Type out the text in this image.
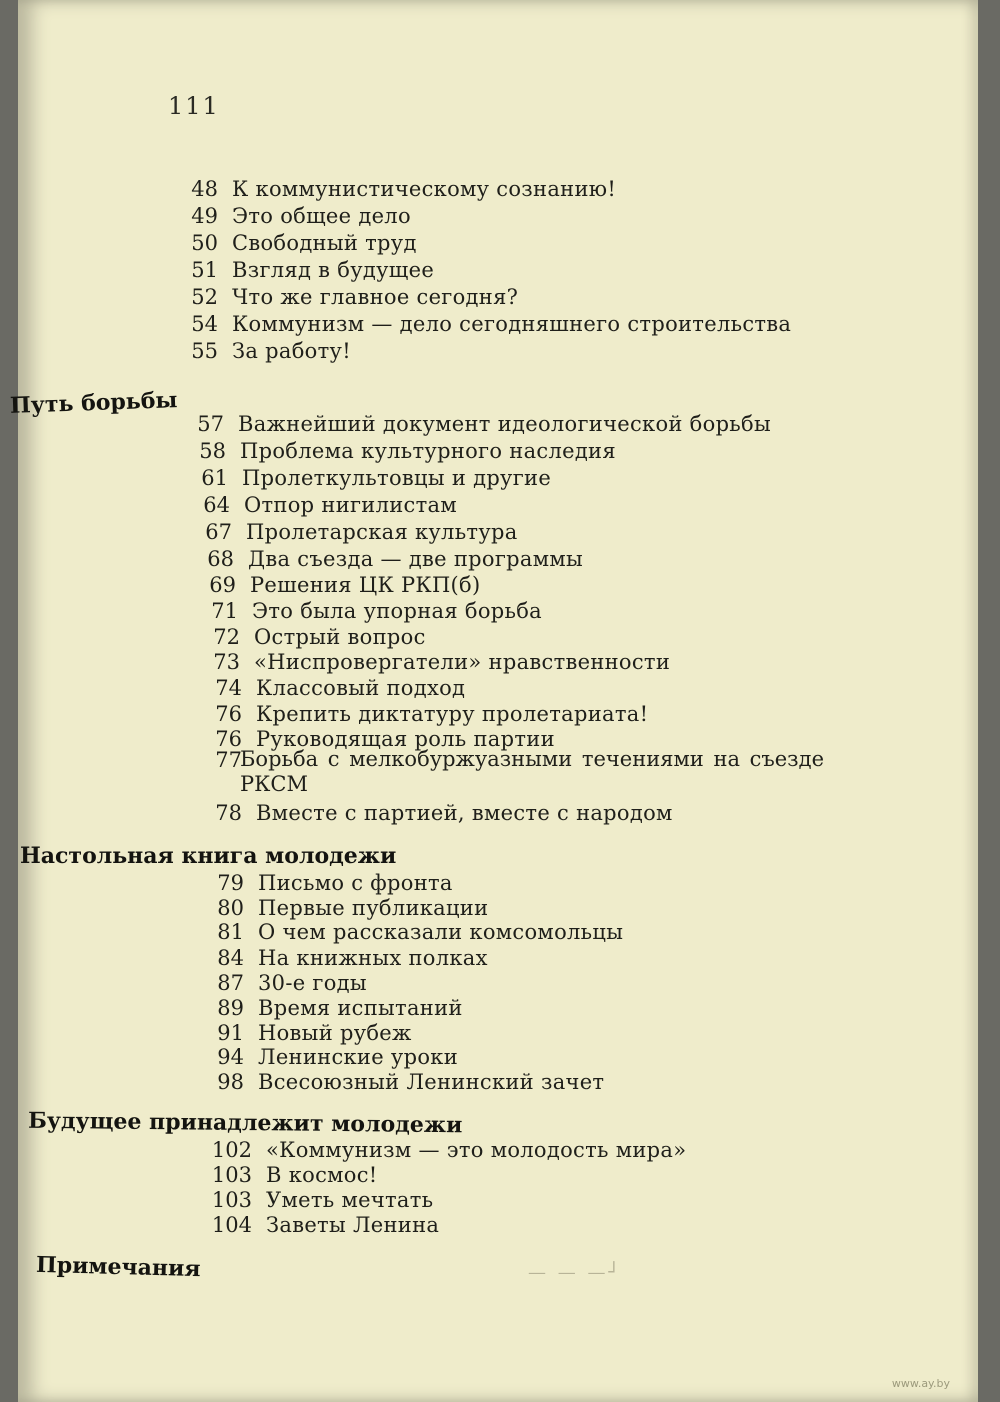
111
48 К коммунистическому сознанию!
49 Это общее дело
50 Свободный труд
51 Взгляд в будущее
52 Что же главное сегодня?
54 Коммунизм — дело сегодняшнего строительства
55 За работу!
Путь борьбы
57 Важнейший документ идеологической борьбы
58 Проблема культурного наследия
61 Пролеткультовцы и другие
64 Отпор нигилистам
67 Пролетарская культура
68 Два съезда — две программы
69 Решения ЦК РКП(б)
71 Это была упорная борьба
72 Острый вопрос
73 «Ниспровергатели» нравственности
74 Классовый подход
76 Крепить диктатуру пролетариата!
76 Руководящая роль партии
77
Борьба с мелкобуржуазными течениями на съезде РКСМ
78 Вместе с партией, вместе с народом
Настольная книга молодежи
79 Письмо с фронта
80 Первые публикации
81 О чем рассказали комсомольцы
84 На книжных полках
87 30-е годы
89 Время испытаний
91 Новый рубеж
94 Ленинские уроки
98 Всесоюзный Ленинский зачет
Будущее принадлежит молодежи
102 «Коммунизм — это молодость мира»
103 В космос!
103 Уметь мечтать
104 Заветы Ленина
Примечания	— — —┘
www.ay.by
